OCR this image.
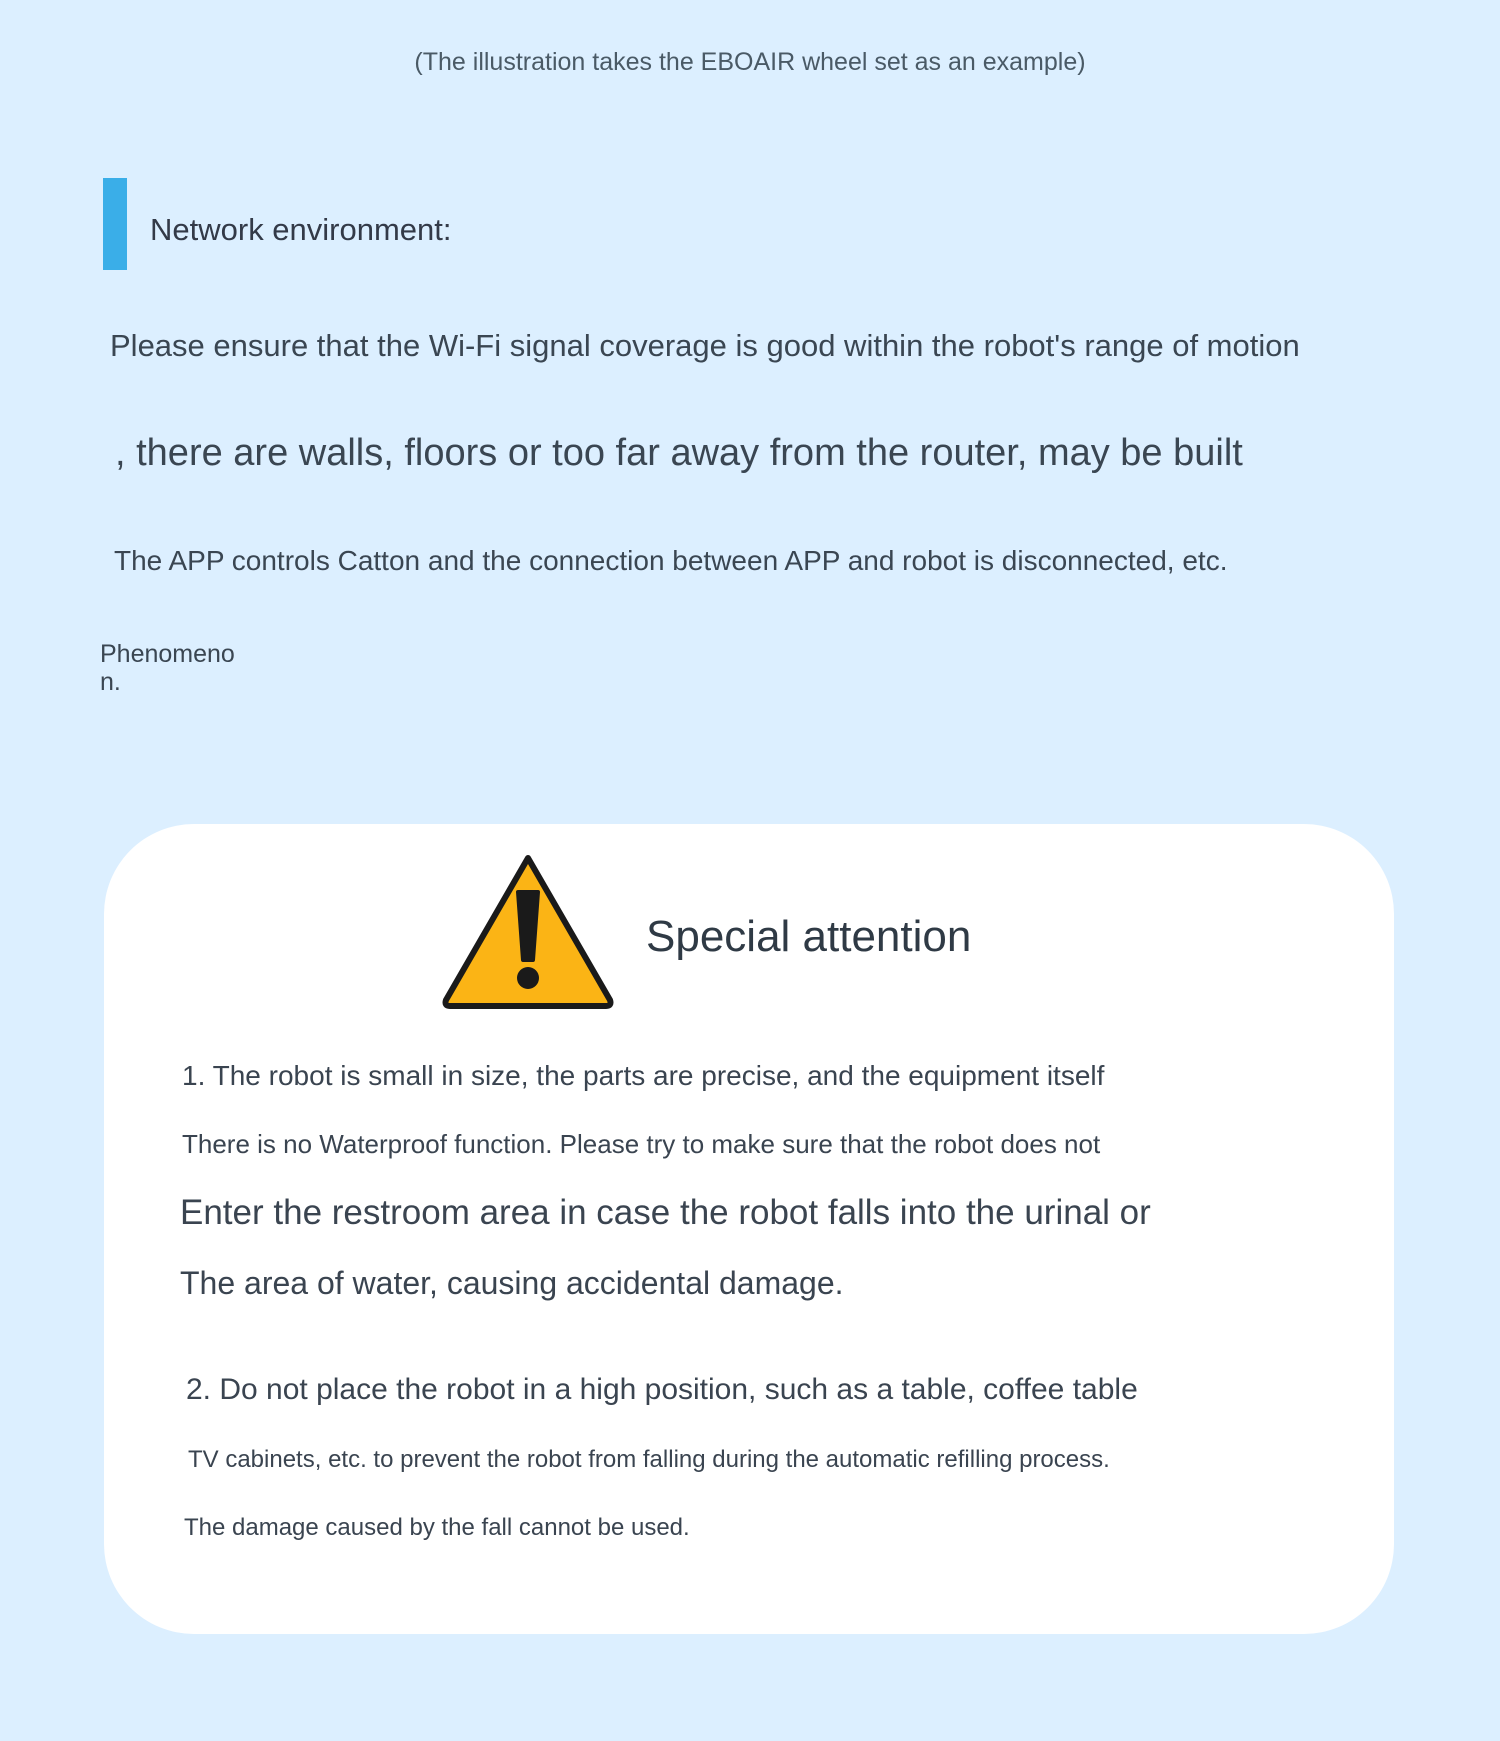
(The illustration takes the EBOAIR wheel set as an example)
Network environment:
Please ensure that the Wi-Fi signal coverage is good within the robot's range of motion
, there are walls, floors or too far away from the router, may be built
The APP controls Catton and the connection between APP and robot is disconnected, etc.
Phenomenon.
Special attention
1. The robot is small in size, the parts are precise, and the equipment itself
There is no Waterproof function. Please try to make sure that the robot does not
Enter the restroom area in case the robot falls into the urinal or
The area of water, causing accidental damage.
2. Do not place the robot in a high position, such as a table, coffee table
TV cabinets, etc. to prevent the robot from falling during the automatic refilling process.
The damage caused by the fall cannot be used.
